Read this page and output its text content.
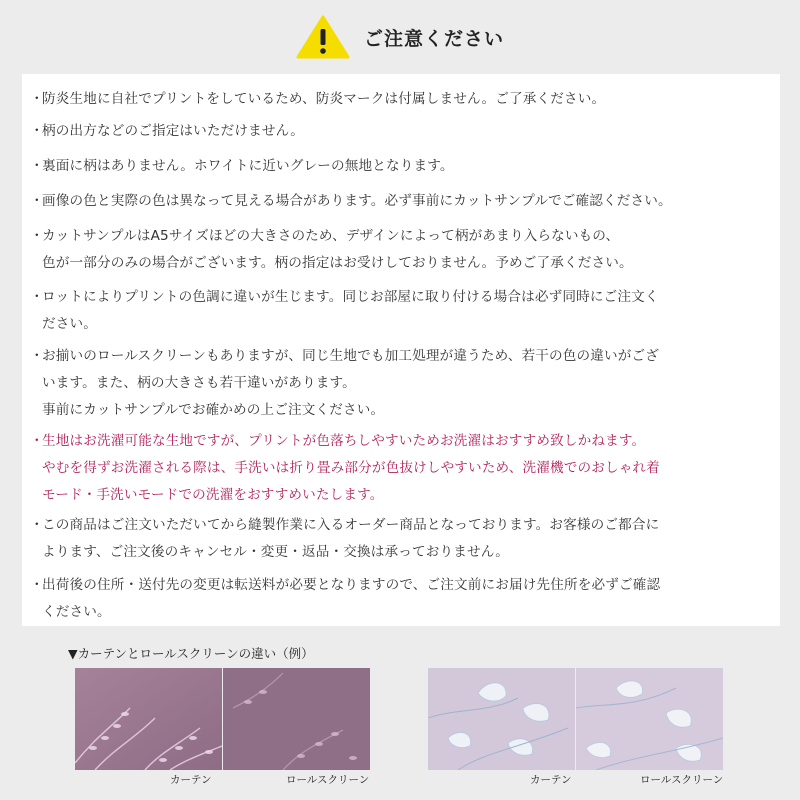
ご注意ください
・
防炎生地に自社でプリントをしているため、防炎マークは付属しません。ご了承ください。
・
柄の出方などのご指定はいただけません。
・
裏面に柄はありません。ホワイトに近いグレーの無地となります。
・
画像の色と実際の色は異なって見える場合があります。必ず事前にカットサンプルでご確認ください。
・
カットサンプルはA5サイズほどの大きさのため、デザインによって柄があまり入らないもの、
色が一部分のみの場合がございます。柄の指定はお受けしておりません。予めご了承ください。
・
ロットによりプリントの色調に違いが生じます。同じお部屋に取り付ける場合は必ず同時にご注文く
ださい。
・
お揃いのロールスクリーンもありますが、同じ生地でも加工処理が違うため、若干の色の違いがござ
います。また、柄の大きさも若干違いがあります。
事前にカットサンプルでお確かめの上ご注文ください。
・
生地はお洗濯可能な生地ですが、プリントが色落ちしやすいためお洗濯はおすすめ致しかねます。
やむを得ずお洗濯される際は、手洗いは折り畳み部分が色抜けしやすいため、洗濯機でのおしゃれ着
モード・手洗いモードでの洗濯をおすすめいたします。
・
この商品はご注文いただいてから縫製作業に入るオーダー商品となっております。お客様のご都合に
よります、ご注文後のキャンセル・変更・返品・交換は承っておりません。
・
出荷後の住所・送付先の変更は転送料が必要となりますので、ご注文前にお届け先住所を必ずご確認
ください。
▼カーテンとロールスクリーンの違い（例）
カーテン	ロールスクリーン	カーテン	ロールスクリーン
